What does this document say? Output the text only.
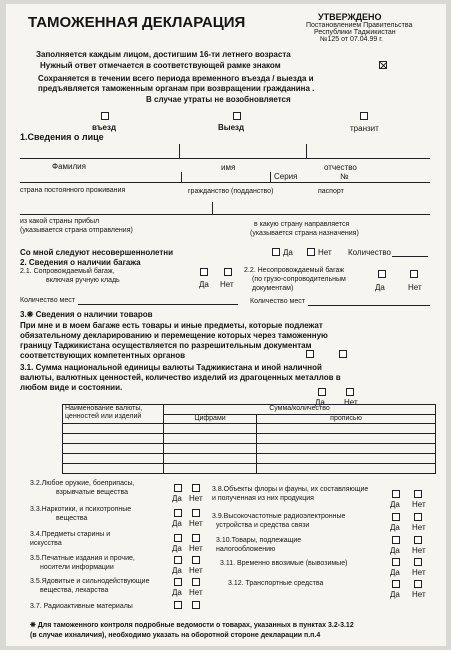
ТАМОЖЕННАЯ ДЕКЛАРАЦИЯ	УТВЕРЖДЕНО
Постановлением Правительства
Республики Таджикистан
№125 от 07.04.99 г.
Заполняется каждым лицом, достигшим 16-ти летнего возраста
Нужный ответ отмечается в соответствующей рамке знаком
Сохраняется в течении всего периода временного въезда / выезда и
предъявляется таможенным органам при возвращении гражданина .
В случае утраты не возобновляется
въезд	Выезд	транзит
1.Сведения о лице
Фамилия	имя	отчество
Серия	№
страна постоянного проживания	гражданство (подданство)	паспорт
из какой страны прибыл
(указывается страна отправления)
в какую страну направляется
(указывается страна назначения)
Со мной следуют несовершеннолетни	Да	Нет Количество
2. Сведения о наличии багажа
2.1. Сопровождаемый багаж,
включая ручную кладь	Да Нет
2.2. Несопровождаемый багаж
(по грузо-сопроводительным
документам)	Да	Нет
Количество мест	Количество мест
3.❋ Сведения о наличии товаров
При мне и в моем багаже есть товары и иные предметы, которые подлежат
обязательному декларированию и перемещение которых через таможенную
границу Таджикистана осуществляется по разрешительным документам
соответствующих компетентных органов
3.1. Сумма национальной единицы валюты Таджикистана и иной наличной
валюты, валютных ценностей, количество изделий из драгоценных металлов в
любом виде и состоянии.
Да Нет
Наименование валюты,
ценностей или изделий	Сумма/количество	
	Цифрами	прописью

3.2.Любое оружие, боеприпасы,
взрывчатые вещества
Да Нет
3.3.Наркотики, и психотропные
вещества
Да Нет
3.4.Предметы старины и
искусства
Да Нет
3.5.Печатные издания и прочие,
носители информации	Да Нет
3.5.Ядовитые и сильнодействующие
вещества, лекарства	Да Нет
3.7. Радиоактивные материалы
3.8.Объекты флоры и фауны, их составляющие
и полученная из них продукция
Да Нет
3.9.Высокочастотные радиоэлектронные
устройства и средства связи	Да Нет
3.10.Товары, подлежащие
налогообложению	Да Нет
3.11. Временно ввозимые (вывозимые)
Да Нет
3.12. Транспортные средства
Да Нет
❋ Для таможенного контроля подробные ведомости о товарах, указанных в пунктах 3.2-3.12
(в случае ихналичия), необходимо указать на оборотной стороне декларации п.п.4
